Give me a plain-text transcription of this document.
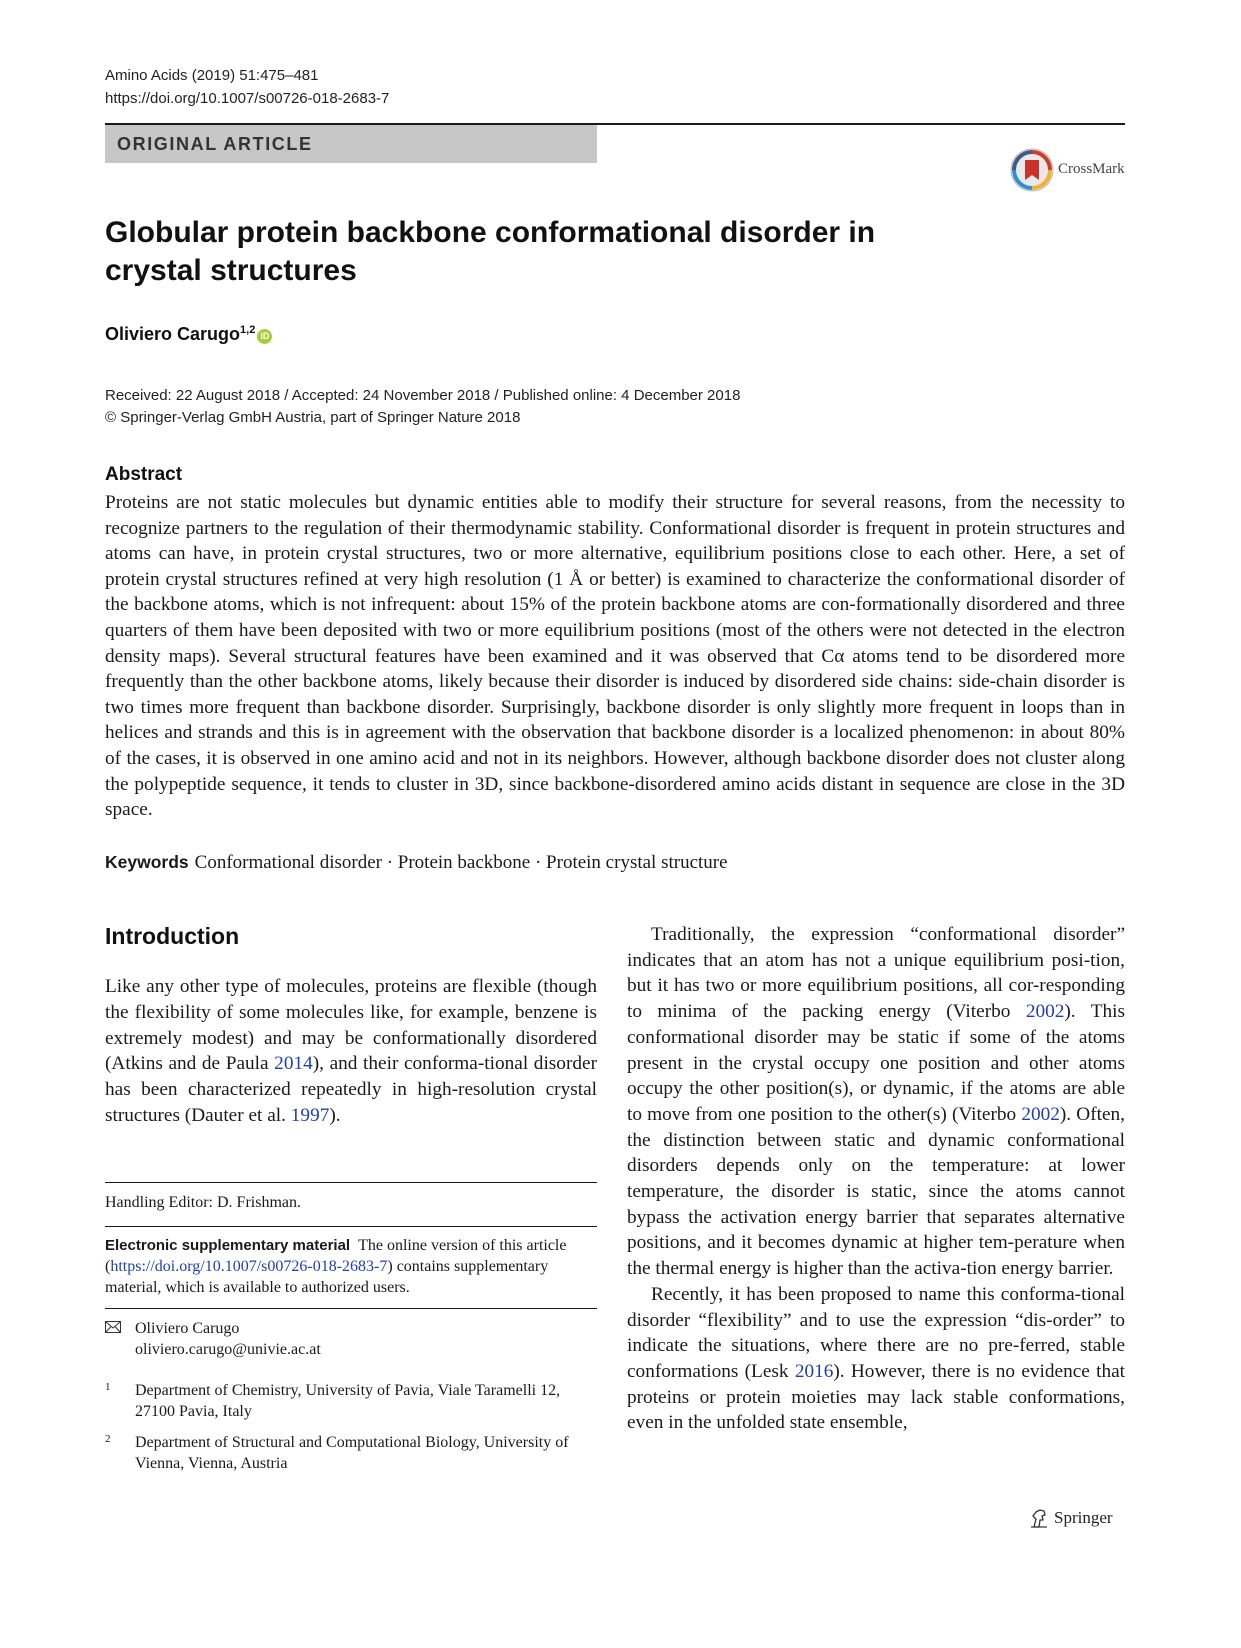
Amino Acids (2019) 51:475–481
https://doi.org/10.1007/s00726-018-2683-7
ORIGINAL ARTICLE
CrossMark
Globular protein backbone conformational disorder in crystal structures
Oliviero Carugo$^{1,2}$ iD
Received: 22 August 2018 / Accepted: 24 November 2018 / Published online: 4 December 2018
© Springer-Verlag GmbH Austria, part of Springer Nature 2018
Abstract

Proteins are not static molecules but dynamic entities able to modify their structure for several reasons, from the necessity to recognize partners to the regulation of their thermodynamic stability. Conformational disorder is frequent in protein structures and atoms can have, in protein crystal structures, two or more alternative, equilibrium positions close to each other. Here, a set of protein crystal structures refined at very high resolution (1 Å or better) is examined to characterize the conformational disorder of the backbone atoms, which is not infrequent: about 15% of the protein backbone atoms are con-formationally disordered and three quarters of them have been deposited with two or more equilibrium positions (most of the others were not detected in the electron density maps). Several structural features have been examined and it was observed that Cα atoms tend to be disordered more frequently than the other backbone atoms, likely because their disorder is induced by disordered side chains: side-chain disorder is two times more frequent than backbone disorder. Surprisingly, backbone disorder is only slightly more frequent in loops than in helices and strands and this is in agreement with the observation that backbone disorder is a localized phenomenon: in about 80% of the cases, it is observed in one amino acid and not in its neighbors. However, although backbone disorder does not cluster along the polypeptide sequence, it tends to cluster in 3D, since backbone-disordered amino acids distant in sequence are close in the 3D space.

Keywords Conformational disorder · Protein backbone · Protein crystal structure
Introduction

Like any other type of molecules, proteins are flexible (though the flexibility of some molecules like, for example, benzene is extremely modest) and may be conformationally disordered (Atkins and de Paula 2014), and their conforma-tional disorder has been characterized repeatedly in high-resolution crystal structures (Dauter et al. 1997).

Handling Editor: D. Frishman.

Electronic supplementary material The online version of this article (https://doi.org/10.1007/s00726-018-2683-7) contains supplementary material, which is available to authorized users.

Oliviero Carugo
oliviero.carugo@univie.ac.at
1 Department of Chemistry, University of Pavia, Viale Taramelli 12, 27100 Pavia, Italy
2 Department of Structural and Computational Biology, University of Vienna, Vienna, Austria

Traditionally, the expression “conformational disorder” indicates that an atom has not a unique equilibrium posi-tion, but it has two or more equilibrium positions, all cor-responding to minima of the packing energy (Viterbo 2002). This conformational disorder may be static if some of the atoms present in the crystal occupy one position and other atoms occupy the other position(s), or dynamic, if the atoms are able to move from one position to the other(s) (Viterbo 2002). Often, the distinction between static and dynamic conformational disorders depends only on the temperature: at lower temperature, the disorder is static, since the atoms cannot bypass the activation energy barrier that separates alternative positions, and it becomes dynamic at higher tem-perature when the thermal energy is higher than the activa-tion energy barrier.

Recently, it has been proposed to name this conforma-tional disorder “flexibility” and to use the expression “dis-order” to indicate the situations, where there are no pre-ferred, stable conformations (Lesk 2016). However, there is no evidence that proteins or protein moieties may lack stable conformations, even in the unfolded state ensemble,

Springer
